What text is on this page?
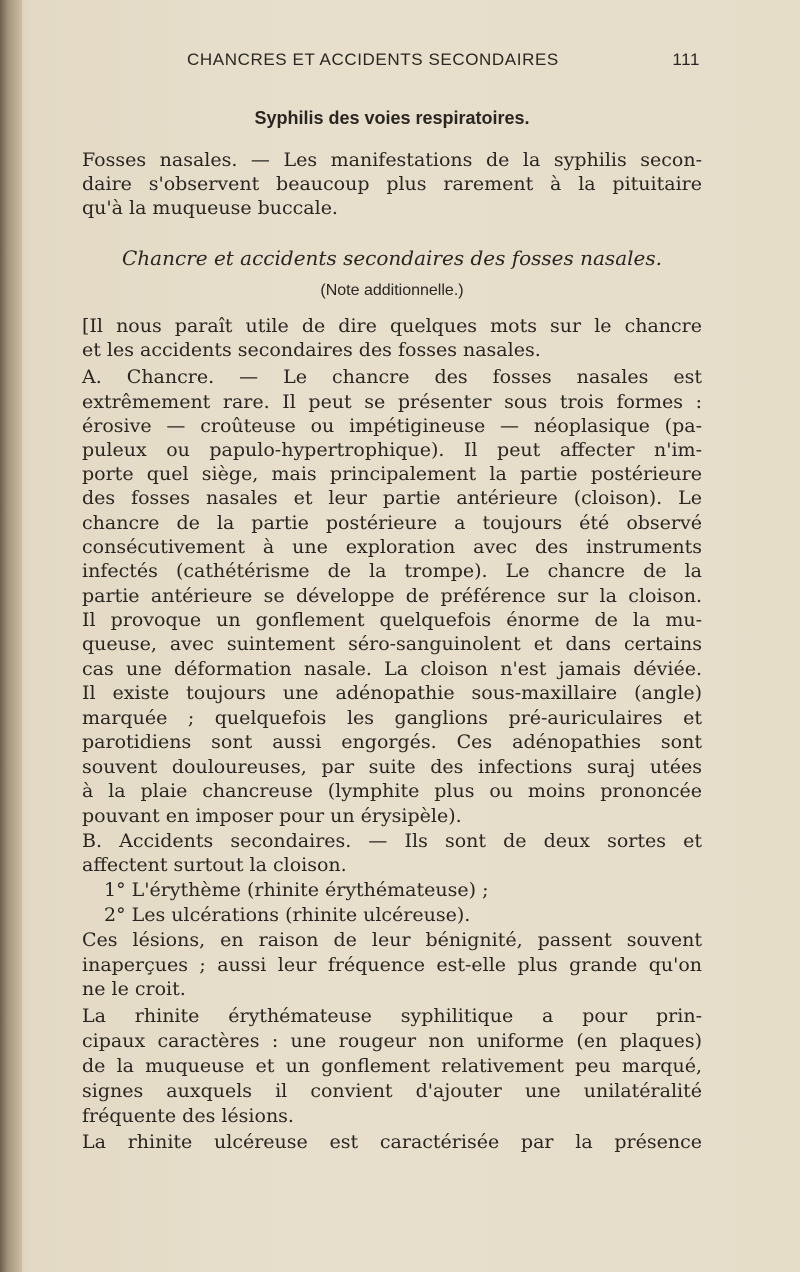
CHANCRES ET ACCIDENTS SECONDAIRES	111
Syphilis des voies respiratoires.
Fosses nasales. — Les manifestations de la syphilis secon-
daire s'observent beaucoup plus rarement à la pituitaire
qu'à la muqueuse buccale.
Chancre et accidents secondaires des fosses nasales.
(Note additionnelle.)
[Il nous paraît utile de dire quelques mots sur le chancre
et les accidents secondaires des fosses nasales.
A. Chancre. — Le chancre des fosses nasales est
extrêmement rare. Il peut se présenter sous trois formes :
érosive — croûteuse ou impétigineuse — néoplasique (pa-
puleux ou papulo-hypertrophique). Il peut affecter n'im-
porte quel siège, mais principalement la partie postérieure
des fosses nasales et leur partie antérieure (cloison). Le
chancre de la partie postérieure a toujours été observé
consécutivement à une exploration avec des instruments
infectés (cathétérisme de la trompe). Le chancre de la
partie antérieure se développe de préférence sur la cloison.
Il provoque un gonflement quelquefois énorme de la mu-
queuse, avec suintement séro-sanguinolent et dans certains
cas une déformation nasale. La cloison n'est jamais déviée.
Il existe toujours une adénopathie sous-maxillaire (angle)
marquée ; quelquefois les ganglions pré-auriculaires et
parotidiens sont aussi engorgés. Ces adénopathies sont
souvent douloureuses, par suite des infections suraj utées
à la plaie chancreuse (lymphite plus ou moins prononcée
pouvant en imposer pour un érysipèle).
B. Accidents secondaires. — Ils sont de deux sortes et
affectent surtout la cloison.
1° L'érythème (rhinite érythémateuse) ;
2° Les ulcérations (rhinite ulcéreuse).
Ces lésions, en raison de leur bénignité, passent souvent
inaperçues ; aussi leur fréquence est-elle plus grande qu'on
ne le croit.
La rhinite érythémateuse syphilitique a pour prin-
cipaux caractères : une rougeur non uniforme (en plaques)
de la muqueuse et un gonflement relativement peu marqué,
signes auxquels il convient d'ajouter une unilatéralité
fréquente des lésions.
La rhinite ulcéreuse est caractérisée par la présence
